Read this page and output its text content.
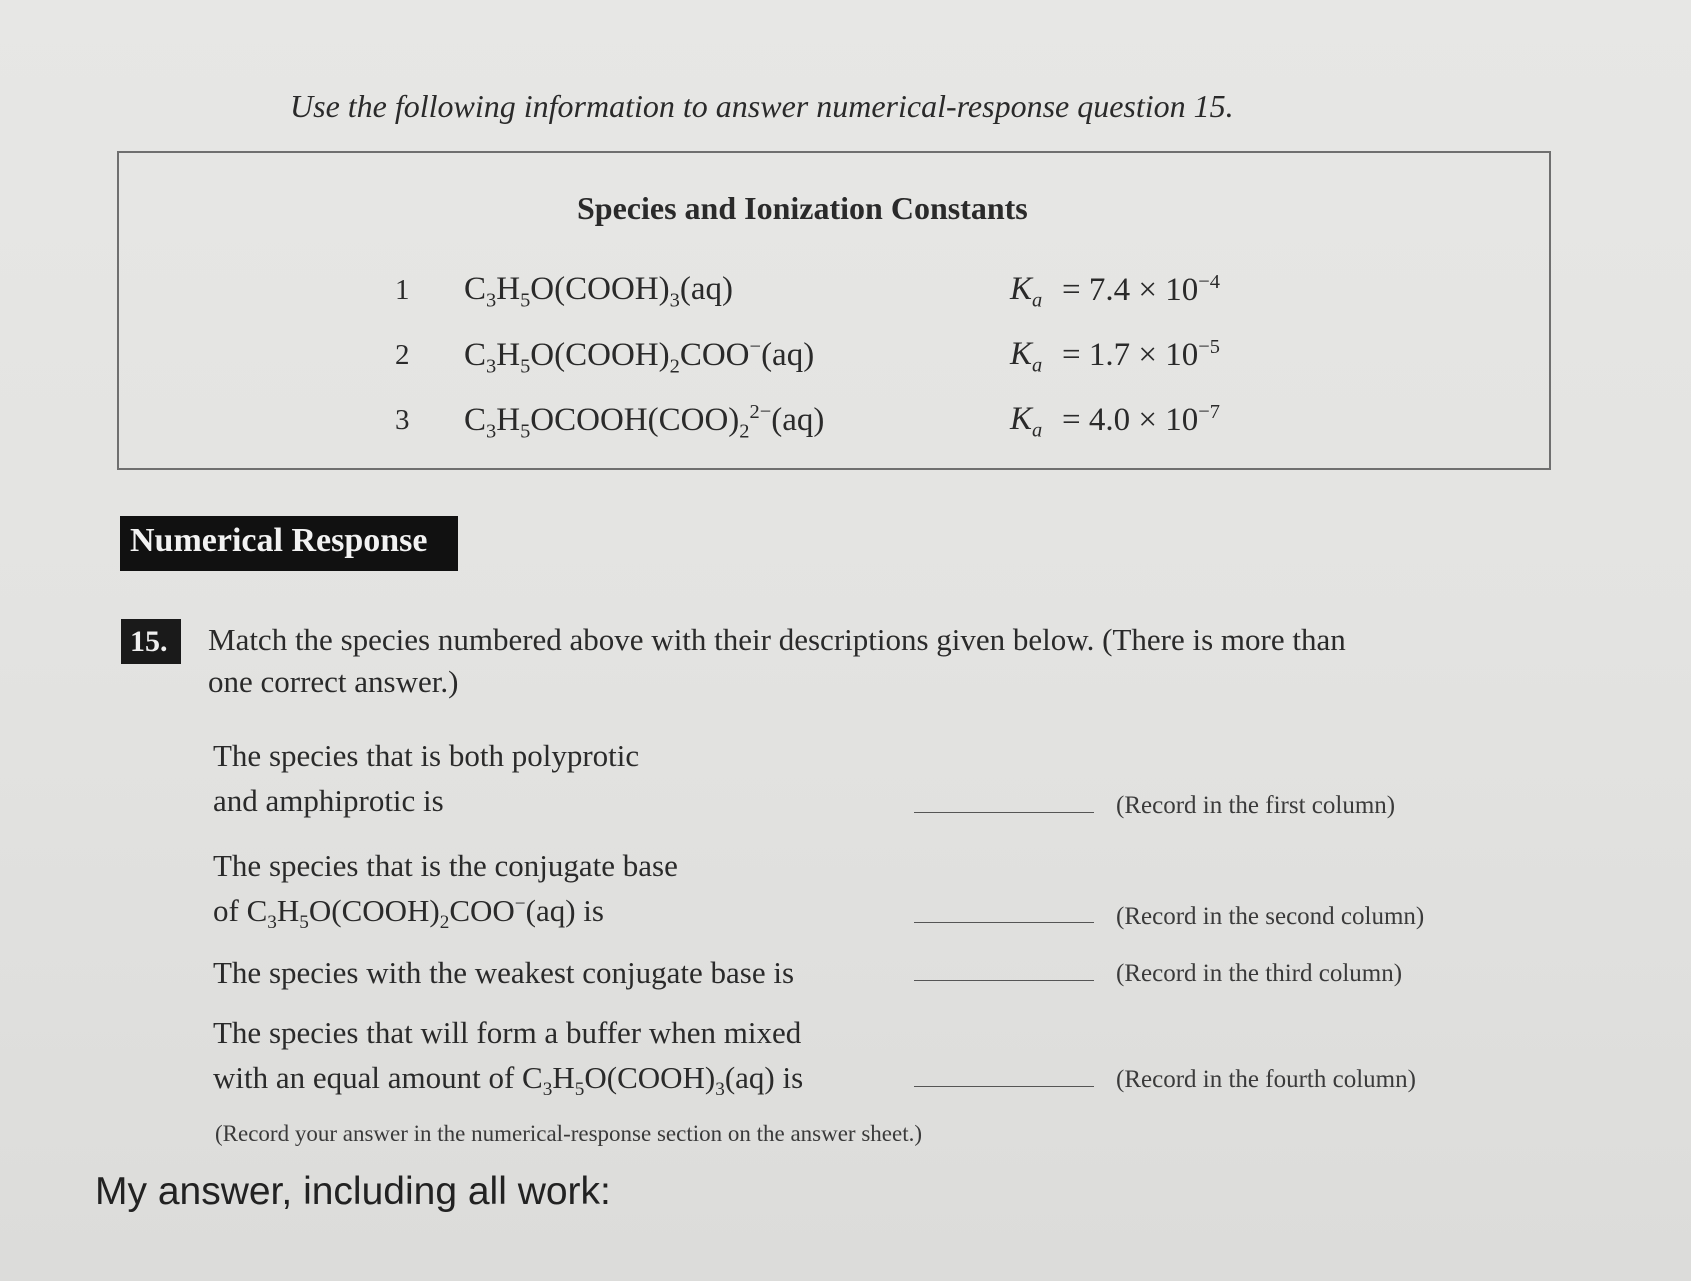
Use the following information to answer numerical-response question 15.
Species and Ionization Constants
1 $C_3H_5O(COOH)_3(aq)$	$K_a = 7.4 \times 10^{-4}$
2 $C_3H_5O(COOH)_2COO^-(aq)$	$K_a = 1.7 \times 10^{-5}$
3 $C_3H_5OCOOH(COO)_2^{2-}(aq)$	$K_a = 4.0 \times 10^{-7}$
Numerical Response
15.	Match the species numbered above with their descriptions given below. (There is more than
one correct answer.)
The species that is both polyprotic
and amphiprotic is	(Record in the first column)
The species that is the conjugate base
of $C_3H_5O(COOH)_2COO^-(aq)$ is	(Record in the second column)
The species with the weakest conjugate base is	(Record in the third column)
The species that will form a buffer when mixed
with an equal amount of $C_3H_5O(COOH)_3(aq)$ is	(Record in the fourth column)
(Record your answer in the numerical-response section on the answer sheet.)
My answer, including all work:
